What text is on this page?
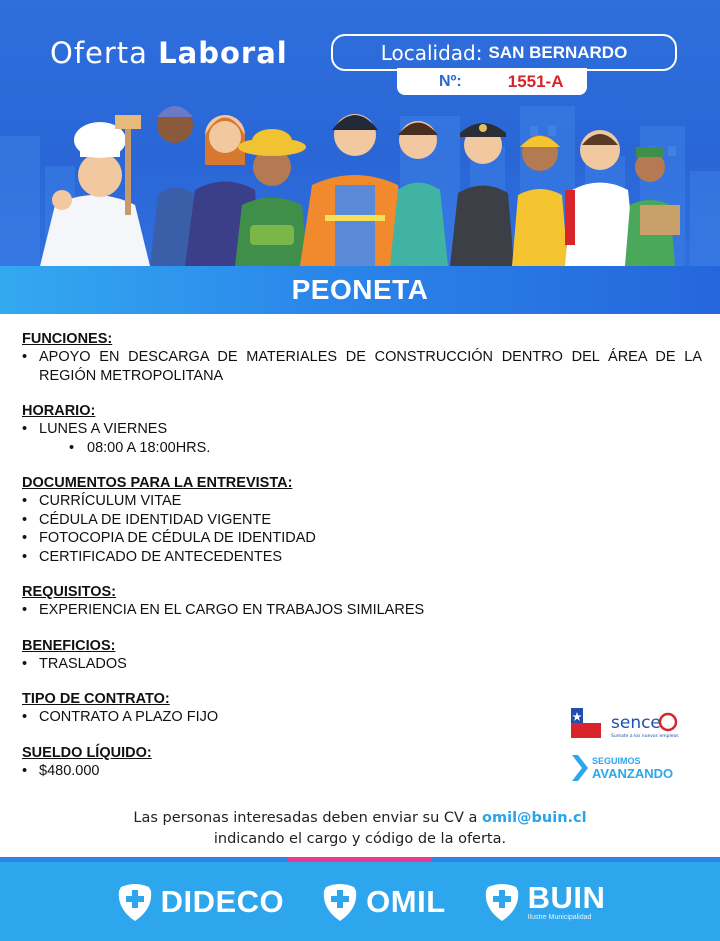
Oferta Laboral	Localidad: SAN BERNARDO
Nº:	1551-A
PEONETA
FUNCIONES:
• APOYO EN DESCARGA DE MATERIALES DE CONSTRUCCIÓN DENTRO DEL ÁREA DE LA REGIÓN METROPOLITANA
HORARIO:
• LUNES A VIERNES
• 08:00 A 18:00HRS.
DOCUMENTOS PARA LA ENTREVISTA:
• CURRÍCULUM VITAE
• CÉDULA DE IDENTIDAD VIGENTE
• FOTOCOPIA DE CÉDULA DE IDENTIDAD
• CERTIFICADO DE ANTECEDENTES
REQUISITOS:
• EXPERIENCIA EN EL CARGO EN TRABAJOS SIMILARES
BENEFICIOS:
• TRASLADOS
TIPO DE CONTRATO:
• CONTRATO A PLAZO FIJO
SUELDO LÍQUIDO:
• $480.000
sence
Sumate a los nuevos empleos
SEGUIMOS
AVANZANDO
Las personas interesadas deben enviar su CV a omil@buin.cl
indicando el cargo y código de la oferta.
DIDECO	OMIL	BUIN
Ilustre Municipalidad
